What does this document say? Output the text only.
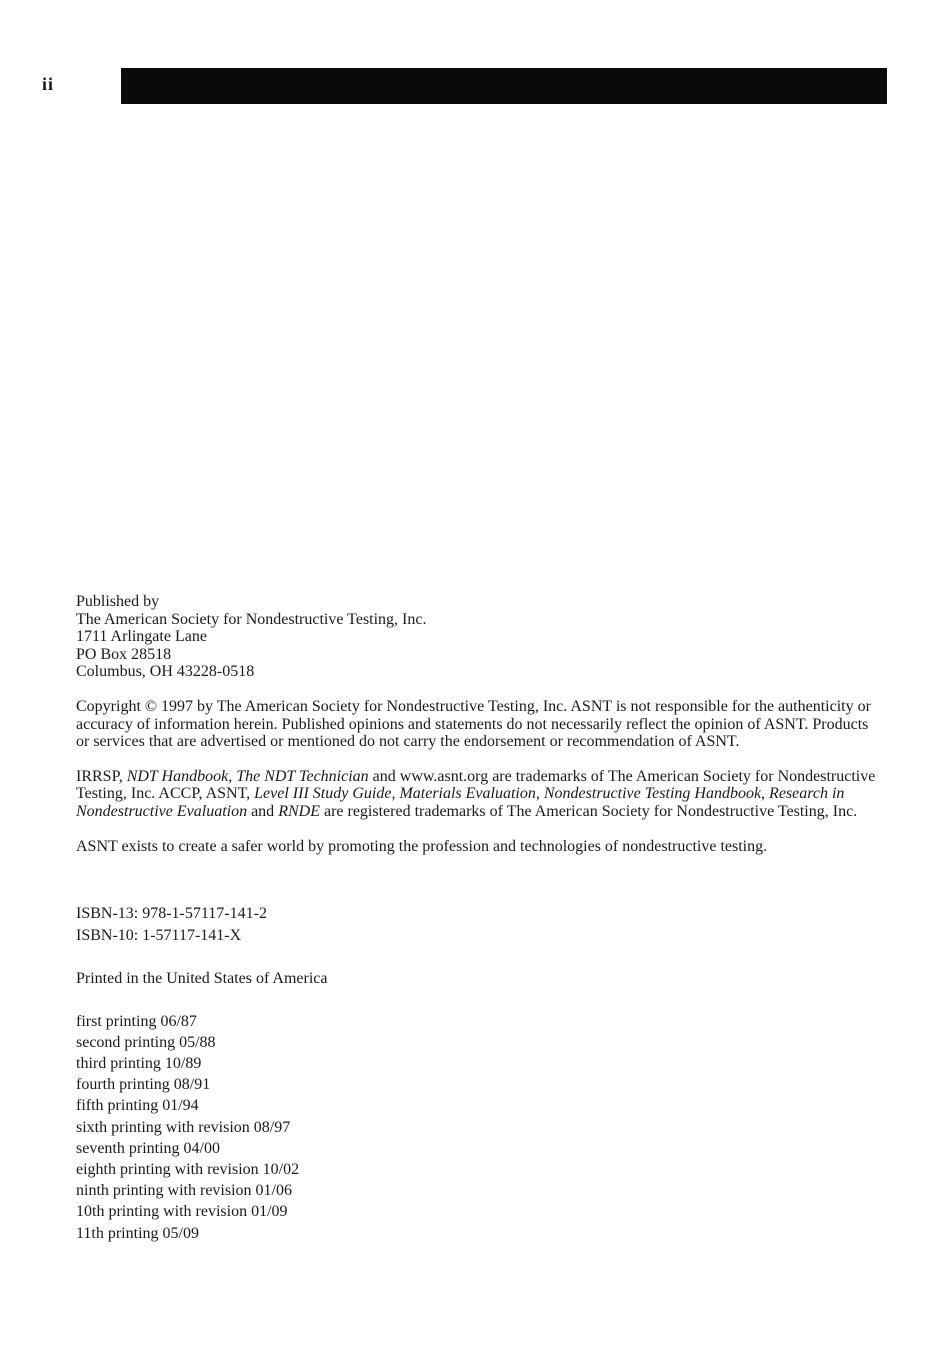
ii

Published by

The American Society for Nondestructive Testing, Inc.

1711 Arlingate Lane

PO Box 28518

Columbus, OH 43228-0518

Copyright © 1997 by The American Society for Nondestructive Testing, Inc. ASNT is not responsible for the authenticity or accuracy of information herein. Published opinions and statements do not necessarily reflect the opinion of ASNT. Products or services that are advertised or mentioned do not carry the endorsement or recommendation of ASNT.

IRRSP, NDT Handbook, The NDT Technician and www.asnt.org are trademarks of The American Society for Nondestructive Testing, Inc. ACCP, ASNT, Level III Study Guide, Materials Evaluation, Nondestructive Testing Handbook, Research in Nondestructive Evaluation and RNDE are registered trademarks of The American Society for Nondestructive Testing, Inc.

ASNT exists to create a safer world by promoting the profession and technologies of nondestructive testing.

ISBN-13: 978-1-57117-141-2

ISBN-10: 1-57117-141-X

Printed in the United States of America

first printing 06/87

second printing 05/88

third printing 10/89

fourth printing 08/91

fifth printing 01/94

sixth printing with revision 08/97

seventh printing 04/00

eighth printing with revision 10/02

ninth printing with revision 01/06

10th printing with revision 01/09

11th printing 05/09
